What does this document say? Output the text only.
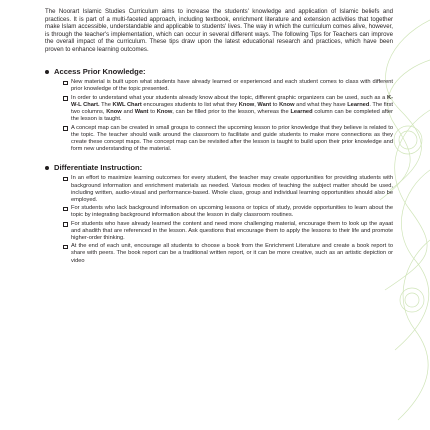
The Noorart Islamic Studies Curriculum aims to increase the students' knowledge and application of Islamic beliefs and practices. It is part of a multi-faceted approach, including textbook, enrichment literature and extension activities that together make Islam accessible, understandable and applicable to students' lives. The way in which the curriculum comes alive, however, is through the teacher's implementation, which can occur in several different ways. The following Tips for Teachers can improve the overall impact of the curriculum. These tips draw upon the latest educational research and practices, which have been proven to enhance learning outcomes.

Access Prior Knowledge:
New material is built upon what students have already learned or experienced and each student comes to class with different prior knowledge of the topic presented.
In order to understand what your students already know about the topic, different graphic organizers can be used, such as a K-W-L Chart. The KWL Chart encourages students to list what they Know, Want to Know and what they have Learned. The first two columns, Know and Want to Know, can be filled prior to the lesson, whereas the Learned column can be completed after the lesson is taught.
A concept map can be created in small groups to connect the upcoming lesson to prior knowledge that they believe is related to the topic. The teacher should walk around the classroom to facilitate and guide students to make more connections as they create these concept maps. The concept map can be revisited after the lesson is taught to build upon their prior knowledge and form new understanding of the material.
Differentiate Instruction:
In an effort to maximize learning outcomes for every student, the teacher may create opportunities for providing students with background information and enrichment materials as needed. Various modes of teaching the subject matter should be used, including written, audio-visual and performance-based. Whole class, group and individual learning opportunities should also be employed.
For students who lack background information on upcoming lessons or topics of study, provide opportunities to learn about the topic by integrating background information about the lesson in daily classroom routines.
For students who have already learned the content and need more challenging material, encourage them to look up the ayaat and ahadith that are referenced in the lesson. Ask questions that encourage them to apply the lessons to their life and promote higher-order thinking.
At the end of each unit, encourage all students to choose a book from the Enrichment Literature and create a book report to share with peers. The book report can be a traditional written report, or it can be more creative, such as an artistic depiction or video
